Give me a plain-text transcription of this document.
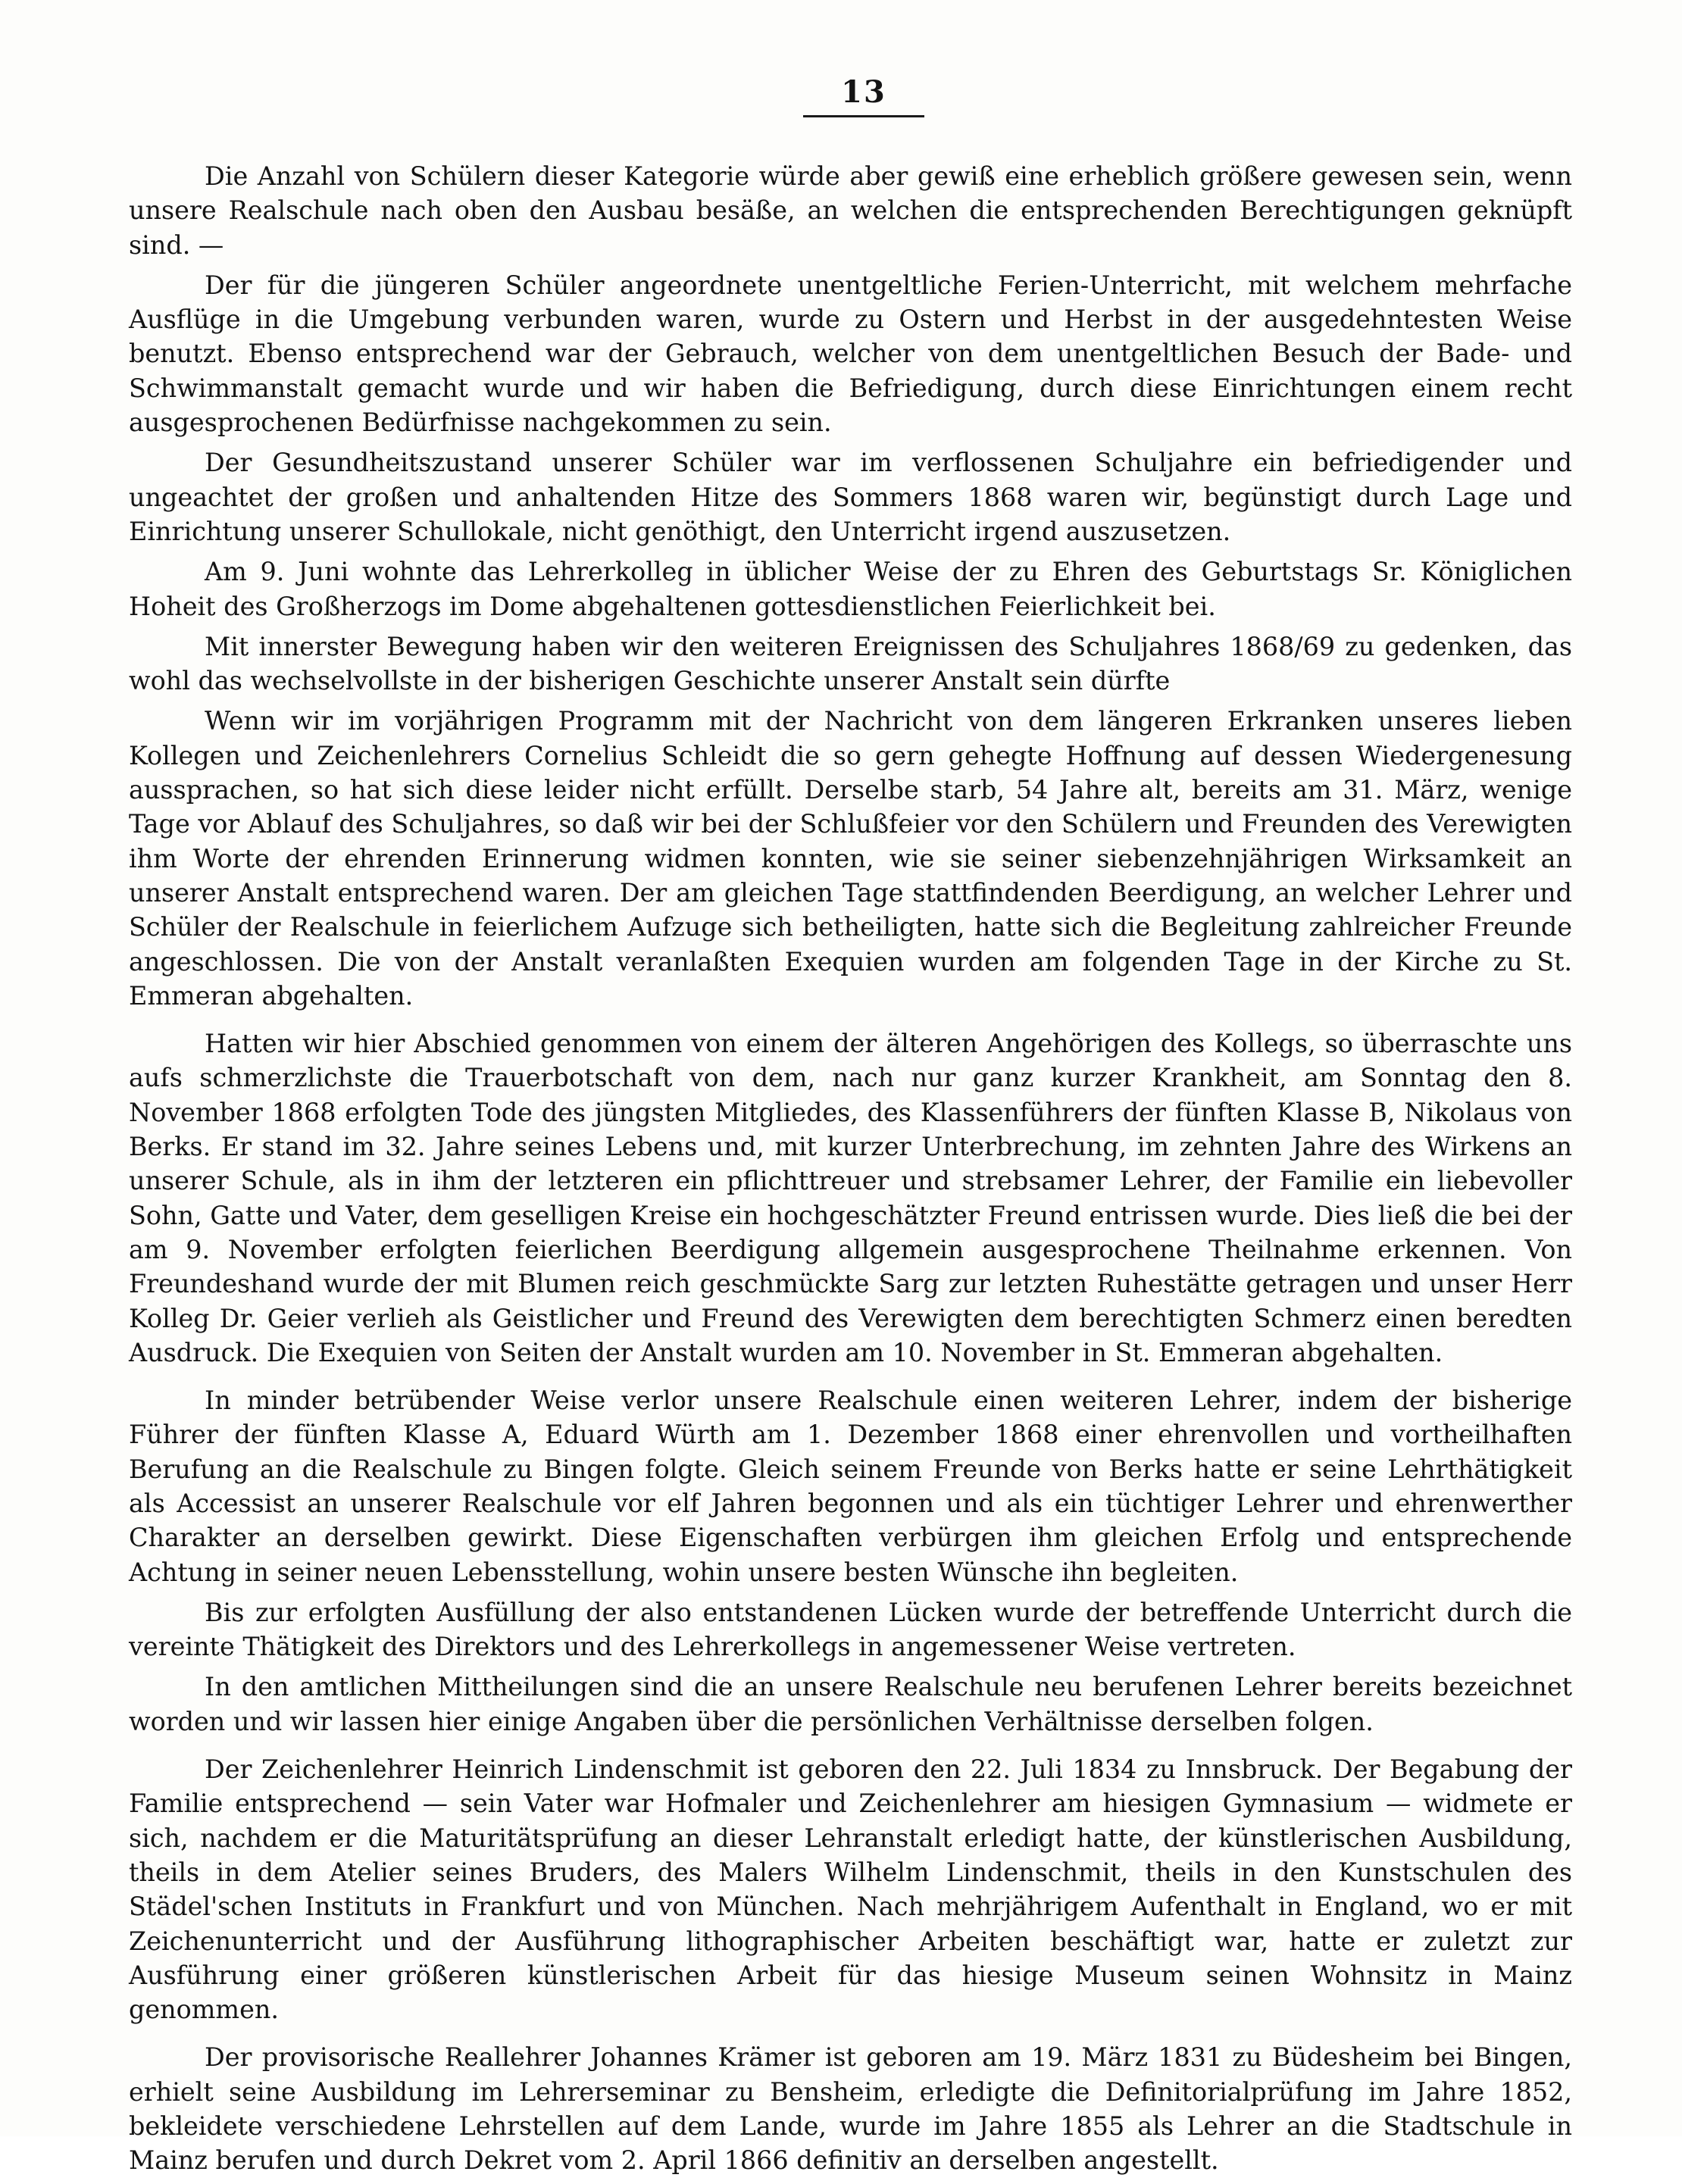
13

Die Anzahl von Schülern dieser Kategorie würde aber gewiß eine erheblich größere gewesen sein, wenn unsere Realschule nach oben den Ausbau besäße, an welchen die entsprechenden Berechtigungen geknüpft sind. —

Der für die jüngeren Schüler angeordnete unentgeltliche Ferien-Unterricht, mit welchem mehrfache Ausflüge in die Umgebung verbunden waren, wurde zu Ostern und Herbst in der ausgedehntesten Weise benutzt. Ebenso entsprechend war der Gebrauch, welcher von dem unentgeltlichen Besuch der Bade- und Schwimmanstalt gemacht wurde und wir haben die Befriedigung, durch diese Einrichtungen einem recht ausgesprochenen Bedürfnisse nachgekommen zu sein.

Der Gesundheitszustand unserer Schüler war im verflossenen Schuljahre ein befriedigender und ungeachtet der großen und anhaltenden Hitze des Sommers 1868 waren wir, begünstigt durch Lage und Einrichtung unserer Schullokale, nicht genöthigt, den Unterricht irgend auszusetzen.

Am 9. Juni wohnte das Lehrerkolleg in üblicher Weise der zu Ehren des Geburtstags Sr. Königlichen Hoheit des Großherzogs im Dome abgehaltenen gottesdienstlichen Feierlichkeit bei.

Mit innerster Bewegung haben wir den weiteren Ereignissen des Schuljahres 1868/69 zu gedenken, das wohl das wechselvollste in der bisherigen Geschichte unserer Anstalt sein dürfte

Wenn wir im vorjährigen Programm mit der Nachricht von dem längeren Erkranken unseres lieben Kollegen und Zeichenlehrers Cornelius Schleidt die so gern gehegte Hoffnung auf dessen Wiedergenesung aussprachen, so hat sich diese leider nicht erfüllt. Derselbe starb, 54 Jahre alt, bereits am 31. März, wenige Tage vor Ablauf des Schuljahres, so daß wir bei der Schlußfeier vor den Schülern und Freunden des Verewigten ihm Worte der ehrenden Erinnerung widmen konnten, wie sie seiner siebenzehnjährigen Wirksamkeit an unserer Anstalt entsprechend waren. Der am gleichen Tage stattfindenden Beerdigung, an welcher Lehrer und Schüler der Realschule in feierlichem Aufzuge sich betheiligten, hatte sich die Begleitung zahlreicher Freunde angeschlossen. Die von der Anstalt veranlaßten Exequien wurden am folgenden Tage in der Kirche zu St. Emmeran abgehalten.

Hatten wir hier Abschied genommen von einem der älteren Angehörigen des Kollegs, so überraschte uns aufs schmerzlichste die Trauerbotschaft von dem, nach nur ganz kurzer Krankheit, am Sonntag den 8. November 1868 erfolgten Tode des jüngsten Mitgliedes, des Klassenführers der fünften Klasse B, Nikolaus von Berks. Er stand im 32. Jahre seines Lebens und, mit kurzer Unterbrechung, im zehnten Jahre des Wirkens an unserer Schule, als in ihm der letzteren ein pflichttreuer und strebsamer Lehrer, der Familie ein liebevoller Sohn, Gatte und Vater, dem geselligen Kreise ein hochgeschätzter Freund entrissen wurde. Dies ließ die bei der am 9. November erfolgten feierlichen Beerdigung allgemein ausgesprochene Theilnahme erkennen. Von Freundeshand wurde der mit Blumen reich geschmückte Sarg zur letzten Ruhestätte getragen und unser Herr Kolleg Dr. Geier verlieh als Geistlicher und Freund des Verewigten dem berechtigten Schmerz einen beredten Ausdruck. Die Exequien von Seiten der Anstalt wurden am 10. November in St. Emmeran abgehalten.

In minder betrübender Weise verlor unsere Realschule einen weiteren Lehrer, indem der bisherige Führer der fünften Klasse A, Eduard Würth am 1. Dezember 1868 einer ehrenvollen und vortheilhaften Berufung an die Realschule zu Bingen folgte. Gleich seinem Freunde von Berks hatte er seine Lehrthätigkeit als Accessist an unserer Realschule vor elf Jahren begonnen und als ein tüchtiger Lehrer und ehrenwerther Charakter an derselben gewirkt. Diese Eigenschaften verbürgen ihm gleichen Erfolg und entsprechende Achtung in seiner neuen Lebensstellung, wohin unsere besten Wünsche ihn begleiten.

Bis zur erfolgten Ausfüllung der also entstandenen Lücken wurde der betreffende Unterricht durch die vereinte Thätigkeit des Direktors und des Lehrerkollegs in angemessener Weise vertreten.

In den amtlichen Mittheilungen sind die an unsere Realschule neu berufenen Lehrer bereits bezeichnet worden und wir lassen hier einige Angaben über die persönlichen Verhältnisse derselben folgen.

Der Zeichenlehrer Heinrich Lindenschmit ist geboren den 22. Juli 1834 zu Innsbruck. Der Begabung der Familie entsprechend — sein Vater war Hofmaler und Zeichenlehrer am hiesigen Gymnasium — widmete er sich, nachdem er die Maturitätsprüfung an dieser Lehranstalt erledigt hatte, der künstlerischen Ausbildung, theils in dem Atelier seines Bruders, des Malers Wilhelm Lindenschmit, theils in den Kunstschulen des Städel'schen Instituts in Frankfurt und von München. Nach mehrjährigem Aufenthalt in England, wo er mit Zeichenunterricht und der Ausführung lithographischer Arbeiten beschäftigt war, hatte er zuletzt zur Ausführung einer größeren künstlerischen Arbeit für das hiesige Museum seinen Wohnsitz in Mainz genommen.

Der provisorische Reallehrer Johannes Krämer ist geboren am 19. März 1831 zu Büdesheim bei Bingen, erhielt seine Ausbildung im Lehrerseminar zu Bensheim, erledigte die Definitorialprüfung im Jahre 1852, bekleidete verschiedene Lehrstellen auf dem Lande, wurde im Jahre 1855 als Lehrer an die Stadtschule in Mainz berufen und durch Dekret vom 2. April 1866 definitiv an derselben angestellt.
